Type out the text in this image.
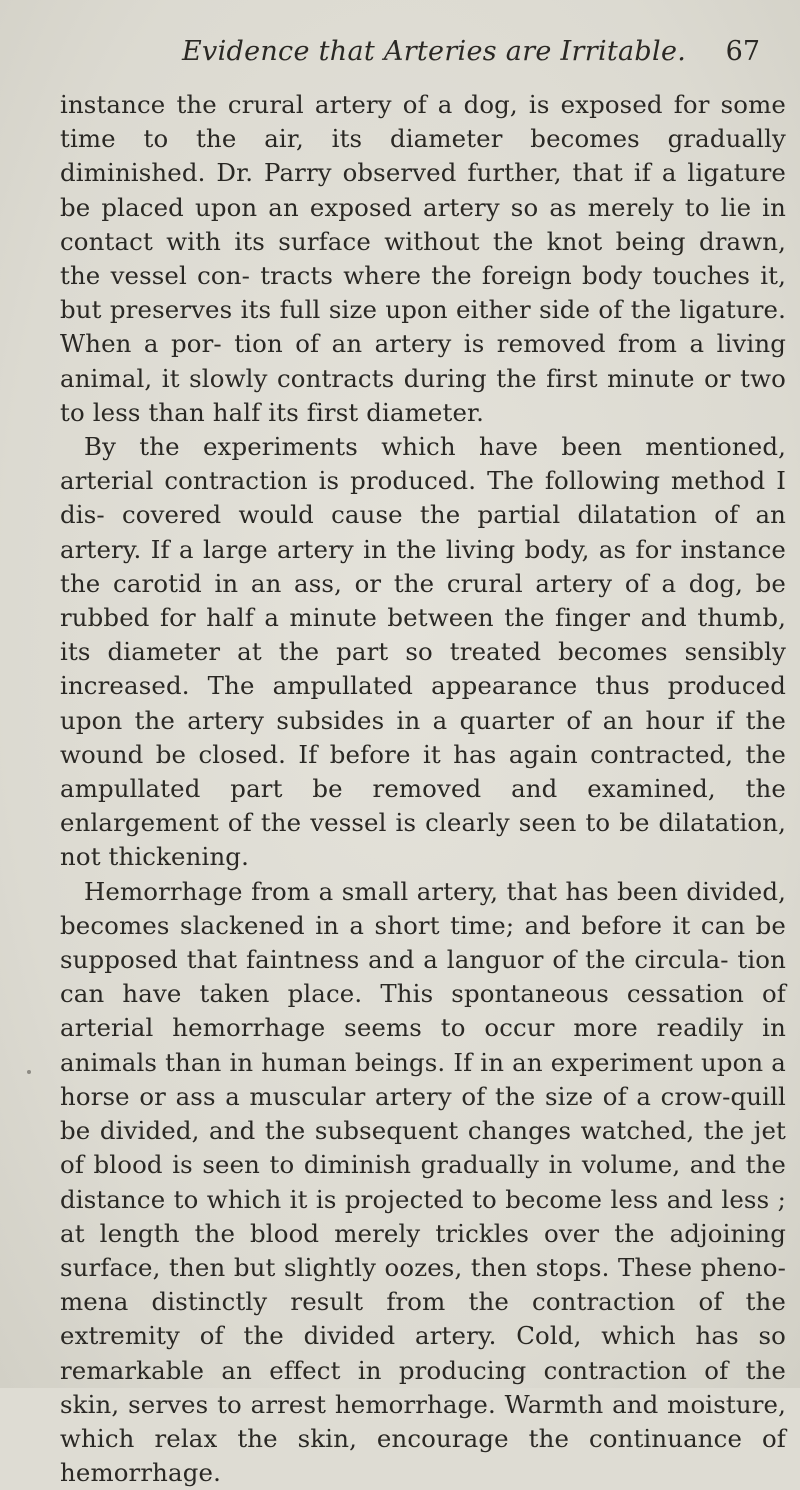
Evidence that Arteries are Irritable. 67

instance the crural artery of a dog, is exposed for some time to the air, its diameter becomes gradually diminished. Dr. Parry observed further, that if a ligature be placed upon an exposed artery so as merely to lie in contact with its surface without the knot being drawn, the vessel con- tracts where the foreign body touches it, but preserves its full size upon either side of the ligature. When a por- tion of an artery is removed from a living animal, it slowly contracts during the first minute or two to less than half its first diameter.

By the experiments which have been mentioned, arterial contraction is produced. The following method I dis- covered would cause the partial dilatation of an artery. If a large artery in the living body, as for instance the carotid in an ass, or the crural artery of a dog, be rubbed for half a minute between the finger and thumb, its diameter at the part so treated becomes sensibly increased. The ampullated appearance thus produced upon the artery subsides in a quarter of an hour if the wound be closed. If before it has again contracted, the ampullated part be removed and examined, the enlargement of the vessel is clearly seen to be dilatation, not thickening.

Hemorrhage from a small artery, that has been divided, becomes slackened in a short time; and before it can be supposed that faintness and a languor of the circula- tion can have taken place. This spontaneous cessation of arterial hemorrhage seems to occur more readily in animals than in human beings. If in an experiment upon a horse or ass a muscular artery of the size of a crow-quill be divided, and the subsequent changes watched, the jet of blood is seen to diminish gradually in volume, and the distance to which it is projected to become less and less ; at length the blood merely trickles over the adjoining surface, then but slightly oozes, then stops. These pheno- mena distinctly result from the contraction of the extremity of the divided artery. Cold, which has so remarkable an effect in producing contraction of the skin, serves to arrest hemorrhage. Warmth and moisture, which relax the skin, encourage the continuance of hemorrhage.
